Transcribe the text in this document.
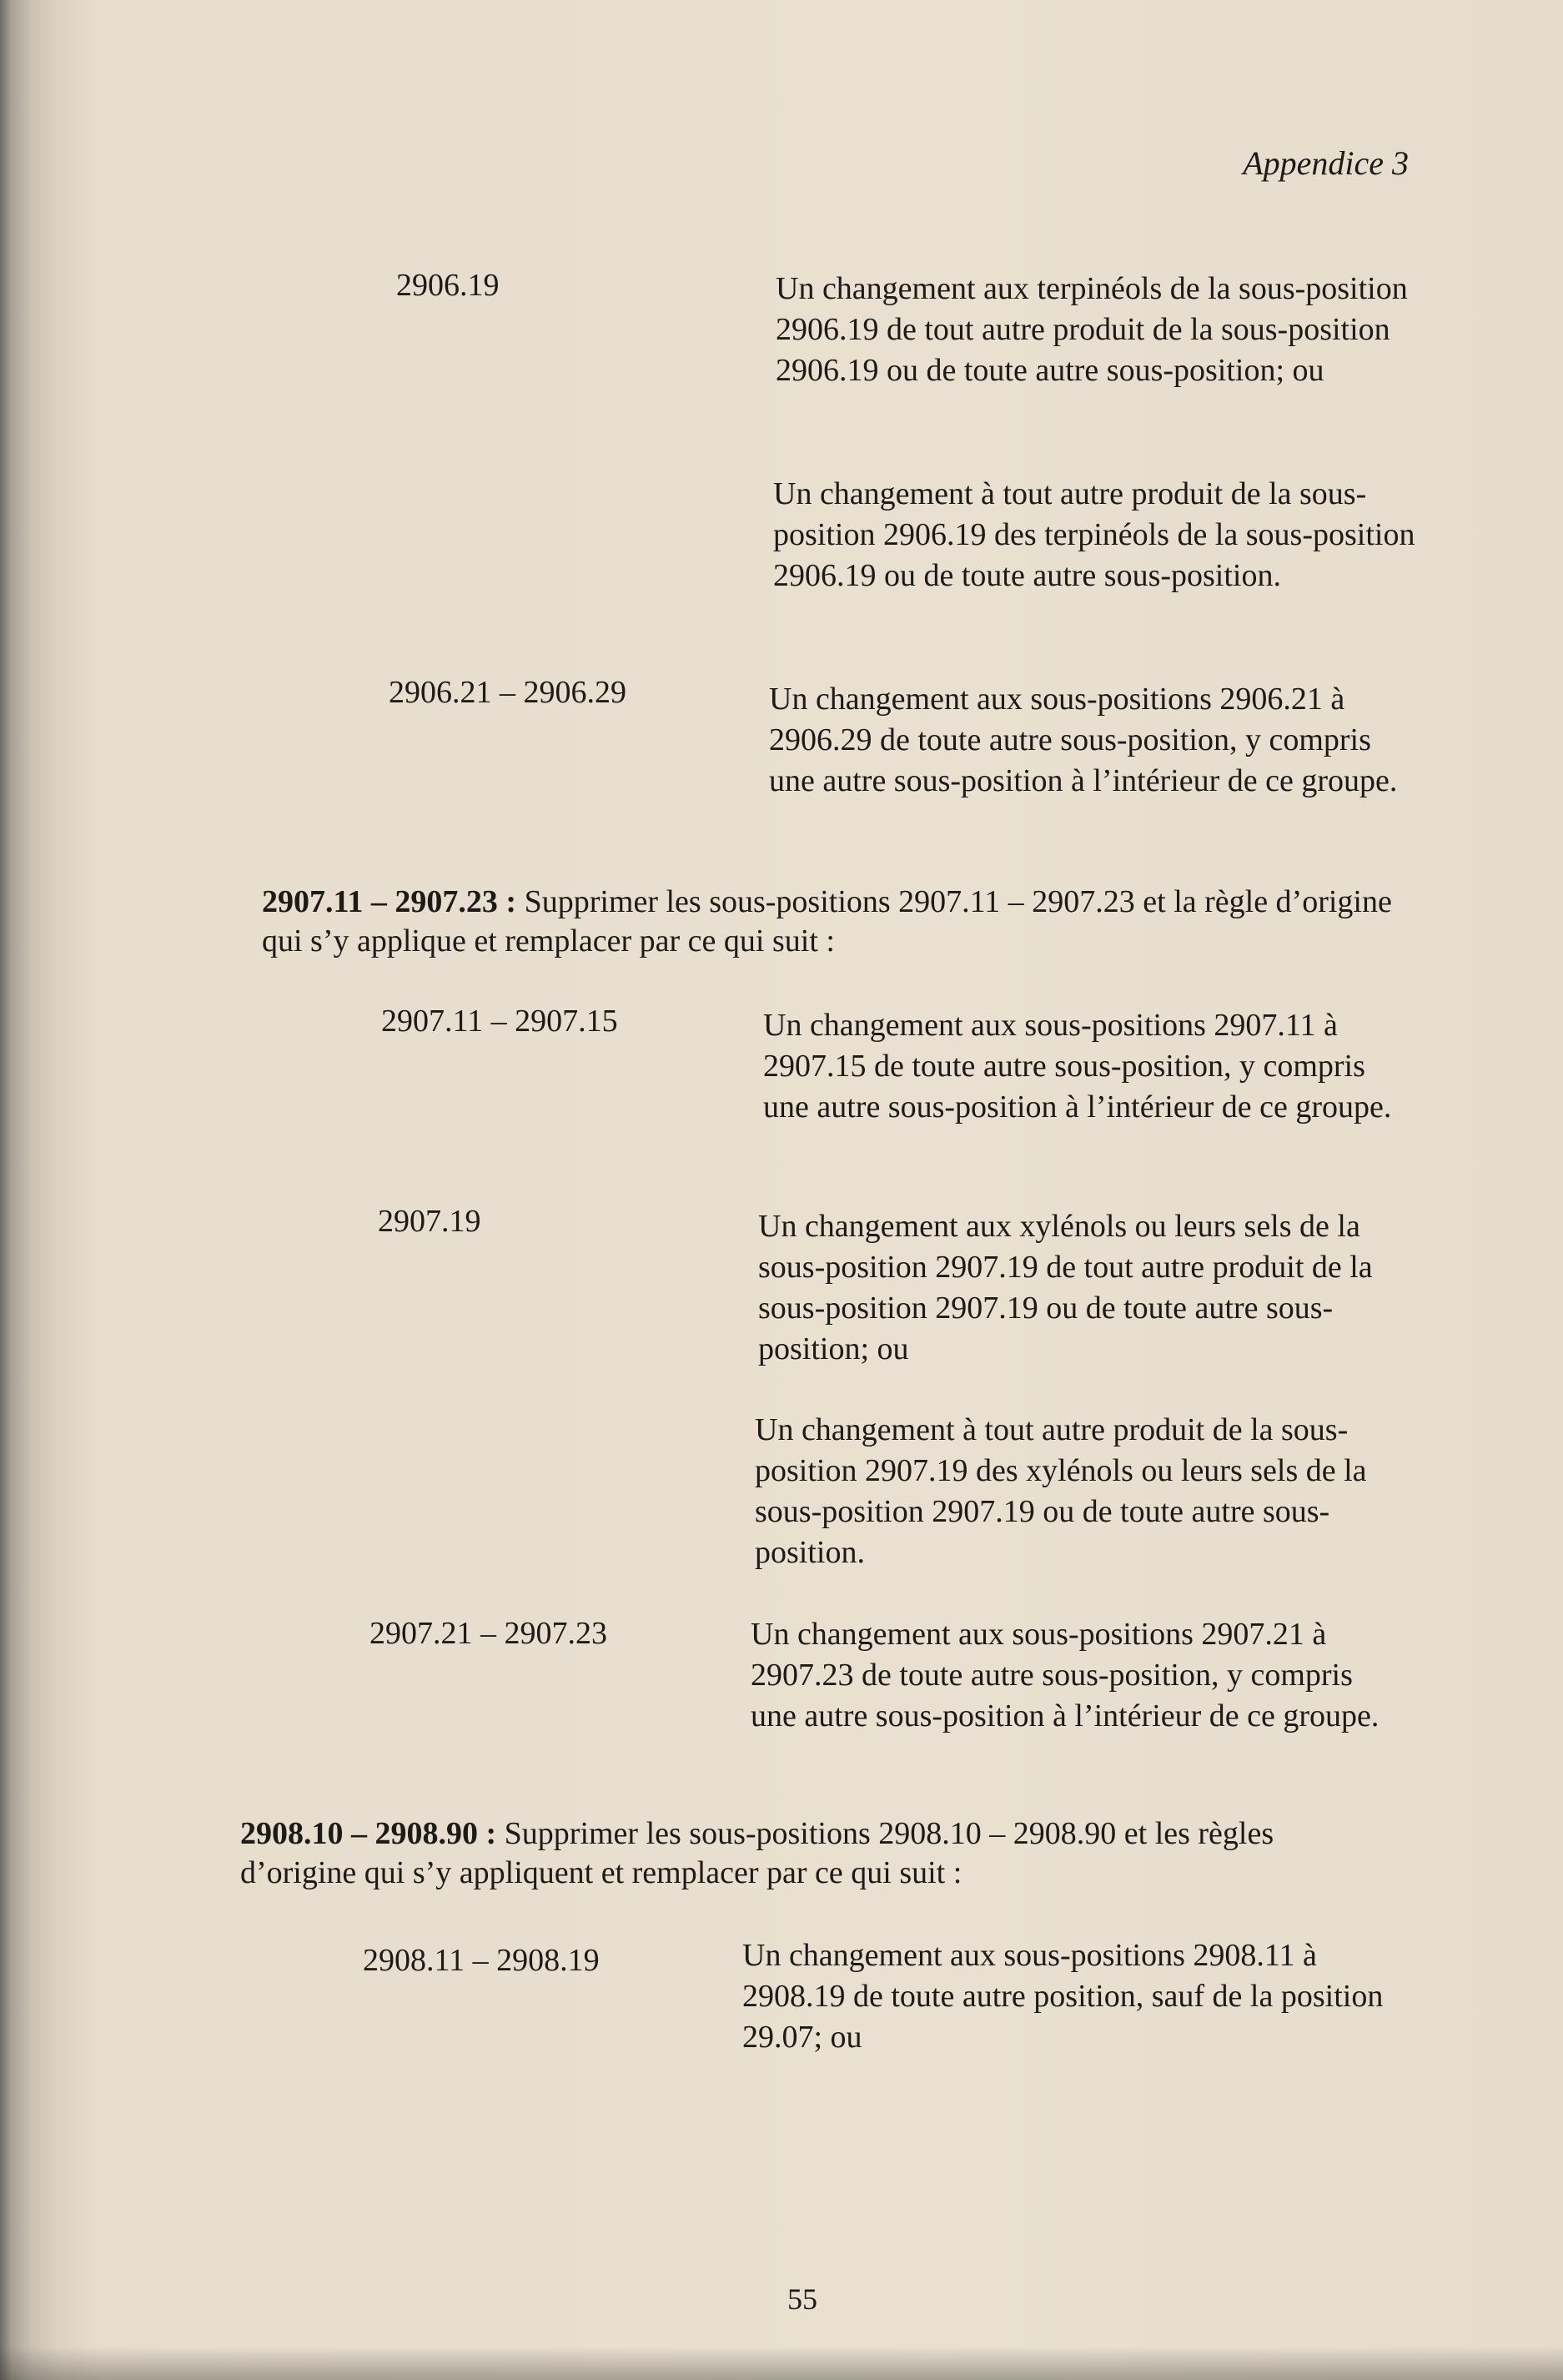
Appendice 3
2906.19	Un changement aux terpinéols de la sous-position 2906.19 de tout autre produit de la sous-position 2906.19 ou de toute autre sous-position; ou

Un changement à tout autre produit de la sous-position 2906.19 des terpinéols de la sous-position 2906.19 ou de toute autre sous-position.

2906.21 – 2906.29	Un changement aux sous-positions 2906.21 à 2906.29 de toute autre sous-position, y compris une autre sous-position à l’intérieur de ce groupe.

2907.11 – 2907.23 : Supprimer les sous-positions 2907.11 – 2907.23 et la règle d’origine qui s’y applique et remplacer par ce qui suit :
2907.11 – 2907.15	Un changement aux sous-positions 2907.11 à 2907.15 de toute autre sous-position, y compris une autre sous-position à l’intérieur de ce groupe.

2907.19	Un changement aux xylénols ou leurs sels de la sous-position 2907.19 de tout autre produit de la sous-position 2907.19 ou de toute autre sous-position; ou

Un changement à tout autre produit de la sous-position 2907.19 des xylénols ou leurs sels de la sous-position 2907.19 ou de toute autre sous-position.

2907.21 – 2907.23	Un changement aux sous-positions 2907.21 à 2907.23 de toute autre sous-position, y compris une autre sous-position à l’intérieur de ce groupe.

2908.10 – 2908.90 : Supprimer les sous-positions 2908.10 – 2908.90 et les règles d’origine qui s’y appliquent et remplacer par ce qui suit :
2908.11 – 2908.19	Un changement aux sous-positions 2908.11 à 2908.19 de toute autre position, sauf de la position 29.07; ou

55
